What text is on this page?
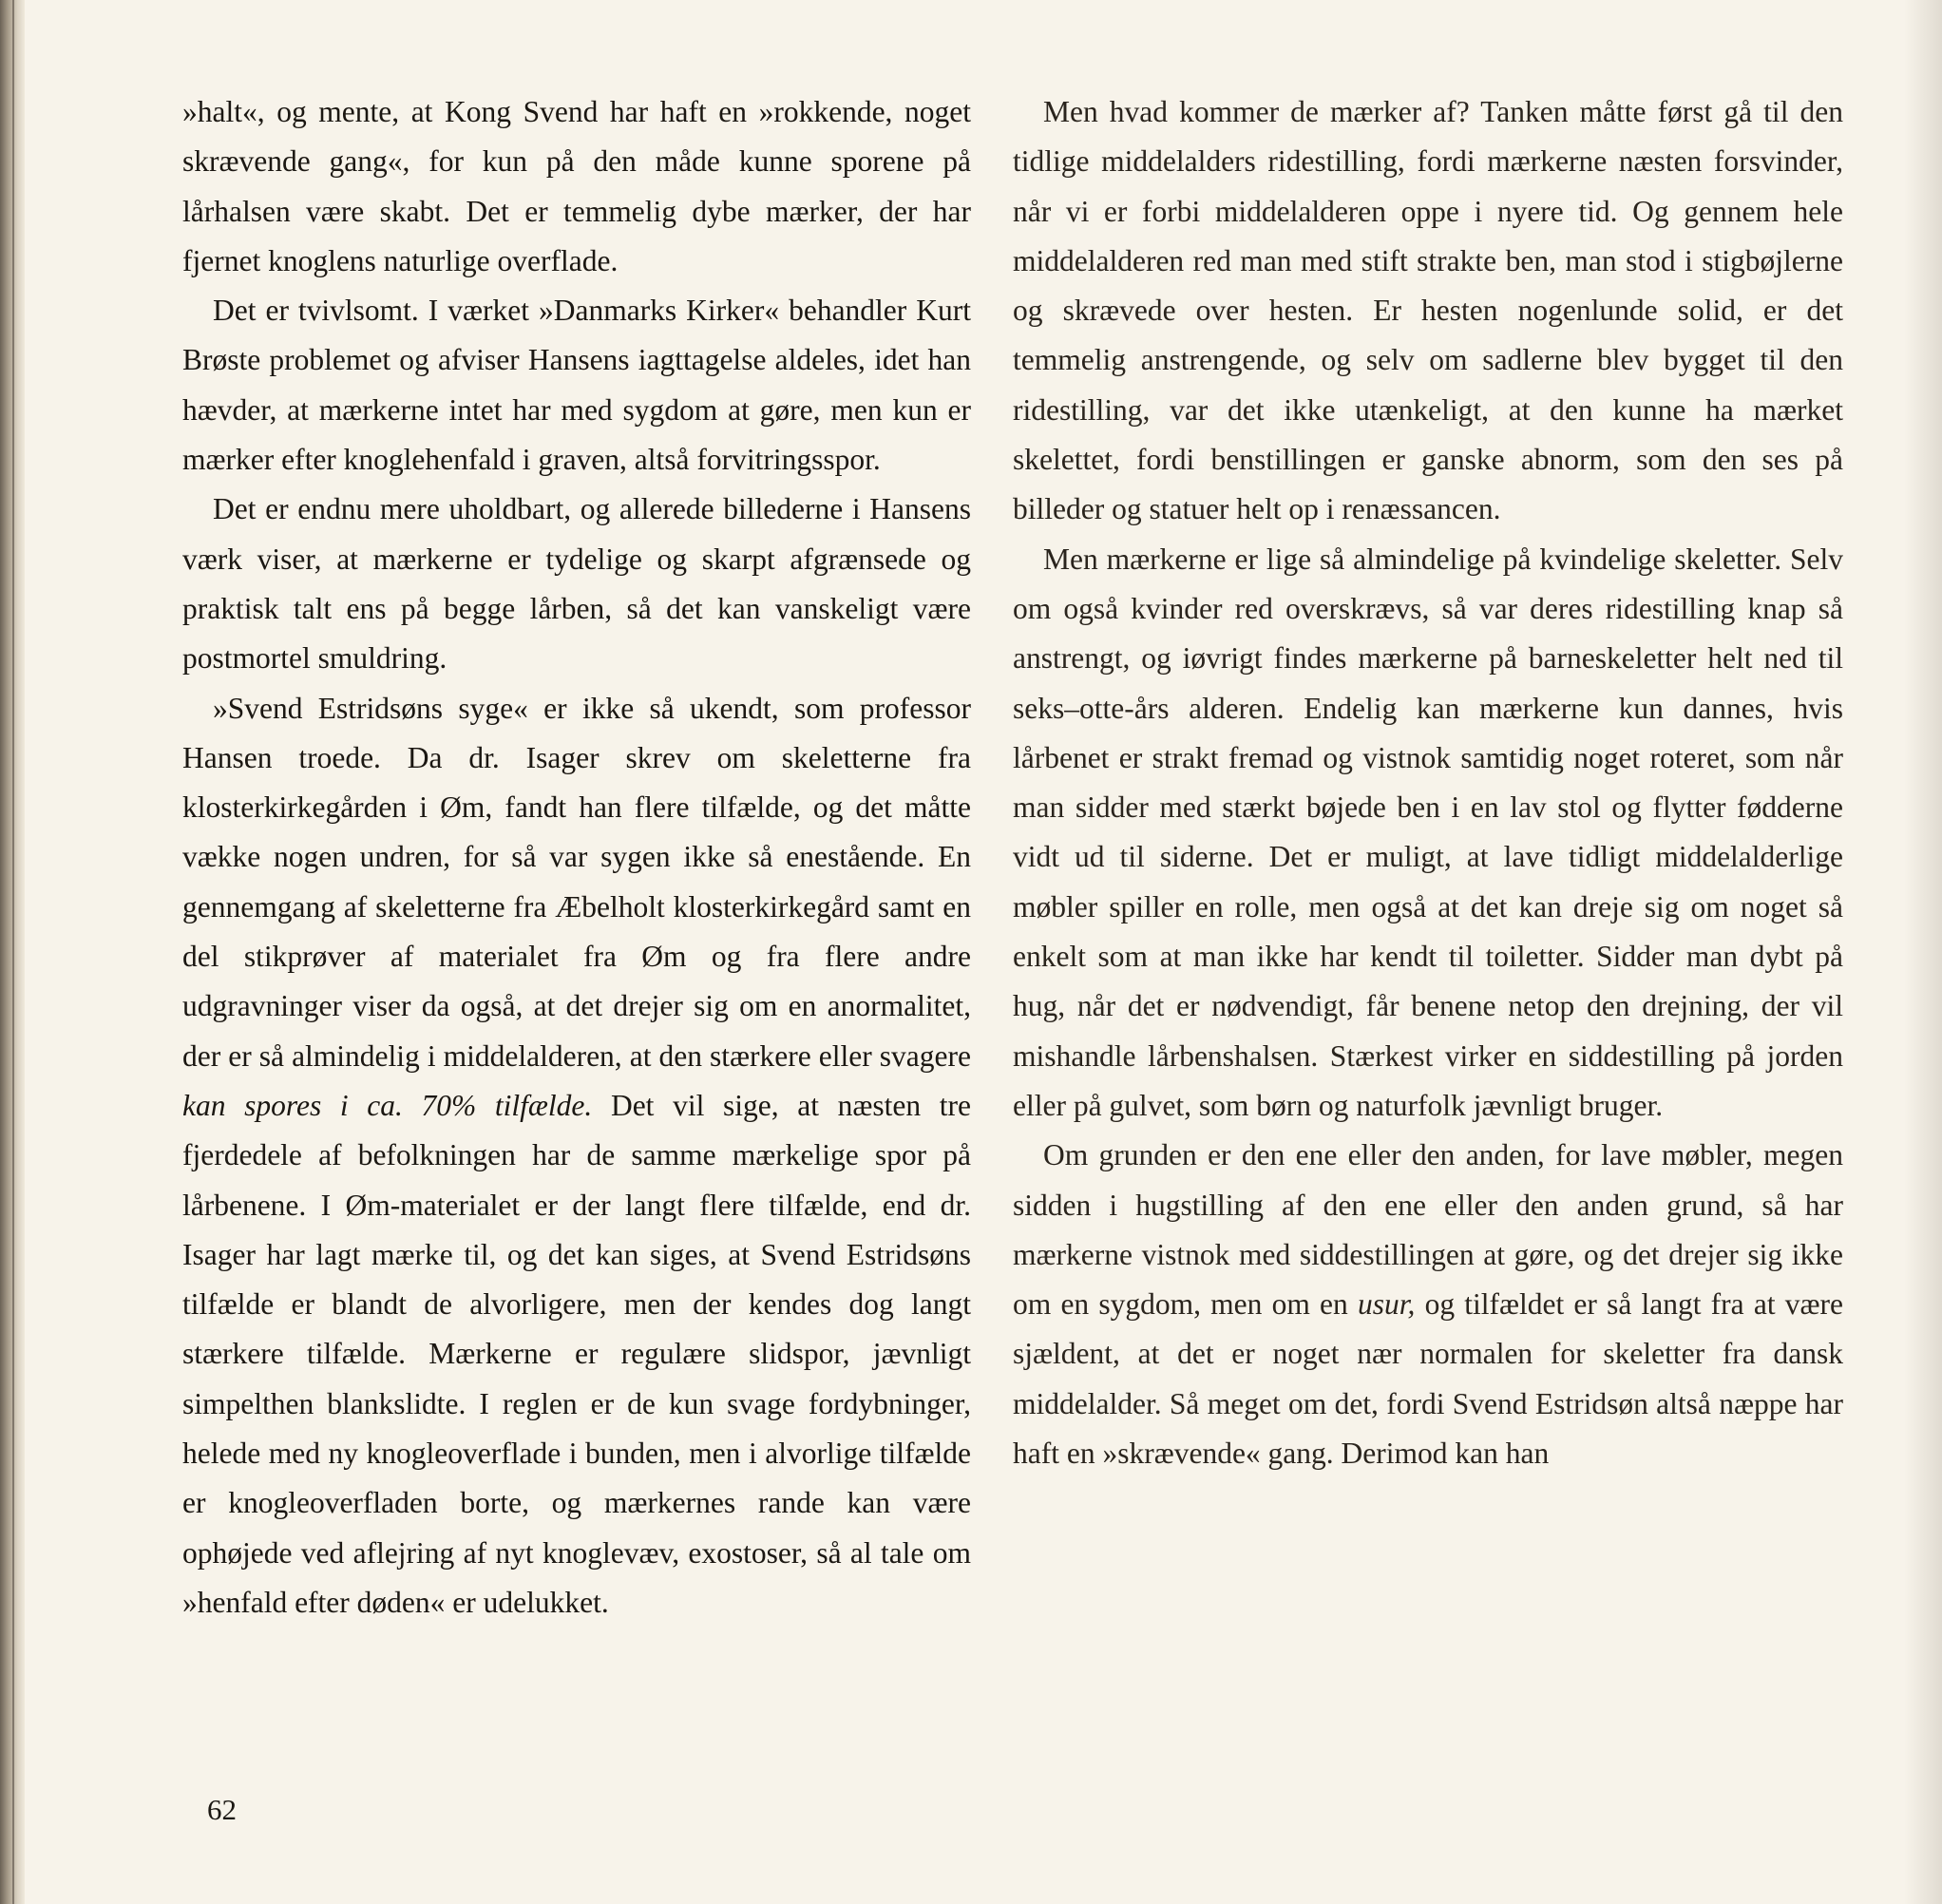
»halt«, og mente, at Kong Svend har haft en »rokkende, noget skrævende gang«, for kun på den måde kunne sporene på lårhalsen være skabt. Det er temmelig dybe mærker, der har fjernet knoglens naturlige overflade.

Det er tvivlsomt. I værket »Danmarks Kirker« behandler Kurt Brøste problemet og afviser Hansens iagttagelse aldeles, idet han hævder, at mærkerne intet har med sygdom at gøre, men kun er mærker efter knoglehenfald i graven, altså forvitringsspor.

Det er endnu mere uholdbart, og allerede billederne i Hansens værk viser, at mærkerne er tydelige og skarpt afgrænsede og praktisk talt ens på begge lårben, så det kan vanskeligt være postmortel smuldring.

»Svend Estridsøns syge« er ikke så ukendt, som professor Hansen troede. Da dr. Isager skrev om skeletterne fra klosterkirkegården i Øm, fandt han flere tilfælde, og det måtte vække nogen undren, for så var sygen ikke så enestående. En gennemgang af skeletterne fra Æbelholt klosterkirkegård samt en del stikprøver af materialet fra Øm og fra flere andre udgravninger viser da også, at det drejer sig om en anormalitet, der er så almindelig i middelalderen, at den stærkere eller svagere kan spores i ca. 70% tilfælde. Det vil sige, at næsten tre fjerdedele af befolkningen har de samme mærkelige spor på lårbenene. I Øm-materialet er der langt flere tilfælde, end dr. Isager har lagt mærke til, og det kan siges, at Svend Estridsøns tilfælde er blandt de alvorligere, men der kendes dog langt stærkere tilfælde. Mærkerne er regulære slidspor, jævnligt simpelthen blankslidte. I reglen er de kun svage fordybninger, helede med ny knogleoverflade i bunden, men i alvorlige tilfælde er knogleoverfladen borte, og mærkernes rande kan være ophøjede ved aflejring af nyt knoglevæv, exostoser, så al tale om »henfald efter døden« er udelukket.

Men hvad kommer de mærker af? Tanken måtte først gå til den tidlige middelalders ridestilling, fordi mærkerne næsten forsvinder, når vi er forbi middelalderen oppe i nyere tid. Og gennem hele middelalderen red man med stift strakte ben, man stod i stigbøjlerne og skrævede over hesten. Er hesten nogenlunde solid, er det temmelig anstrengende, og selv om sadlerne blev bygget til den ridestilling, var det ikke utænkeligt, at den kunne ha mærket skelettet, fordi benstillingen er ganske abnorm, som den ses på billeder og statuer helt op i renæssancen.

Men mærkerne er lige så almindelige på kvindelige skeletter. Selv om også kvinder red overskrævs, så var deres ridestilling knap så anstrengt, og iøvrigt findes mærkerne på barneskeletter helt ned til seks–otte-års alderen. Endelig kan mærkerne kun dannes, hvis lårbenet er strakt fremad og vistnok samtidig noget roteret, som når man sidder med stærkt bøjede ben i en lav stol og flytter fødderne vidt ud til siderne. Det er muligt, at lave tidligt middelalderlige møbler spiller en rolle, men også at det kan dreje sig om noget så enkelt som at man ikke har kendt til toiletter. Sidder man dybt på hug, når det er nødvendigt, får benene netop den drejning, der vil mishandle lårbenshalsen. Stærkest virker en siddestilling på jorden eller på gulvet, som børn og naturfolk jævnligt bruger.

Om grunden er den ene eller den anden, for lave møbler, megen sidden i hugstilling af den ene eller den anden grund, så har mærkerne vistnok med siddestillingen at gøre, og det drejer sig ikke om en sygdom, men om en usur, og tilfældet er så langt fra at være sjældent, at det er noget nær normalen for skeletter fra dansk middelalder. Så meget om det, fordi Svend Estridsøn altså næppe har haft en »skrævende« gang. Derimod kan han

62
